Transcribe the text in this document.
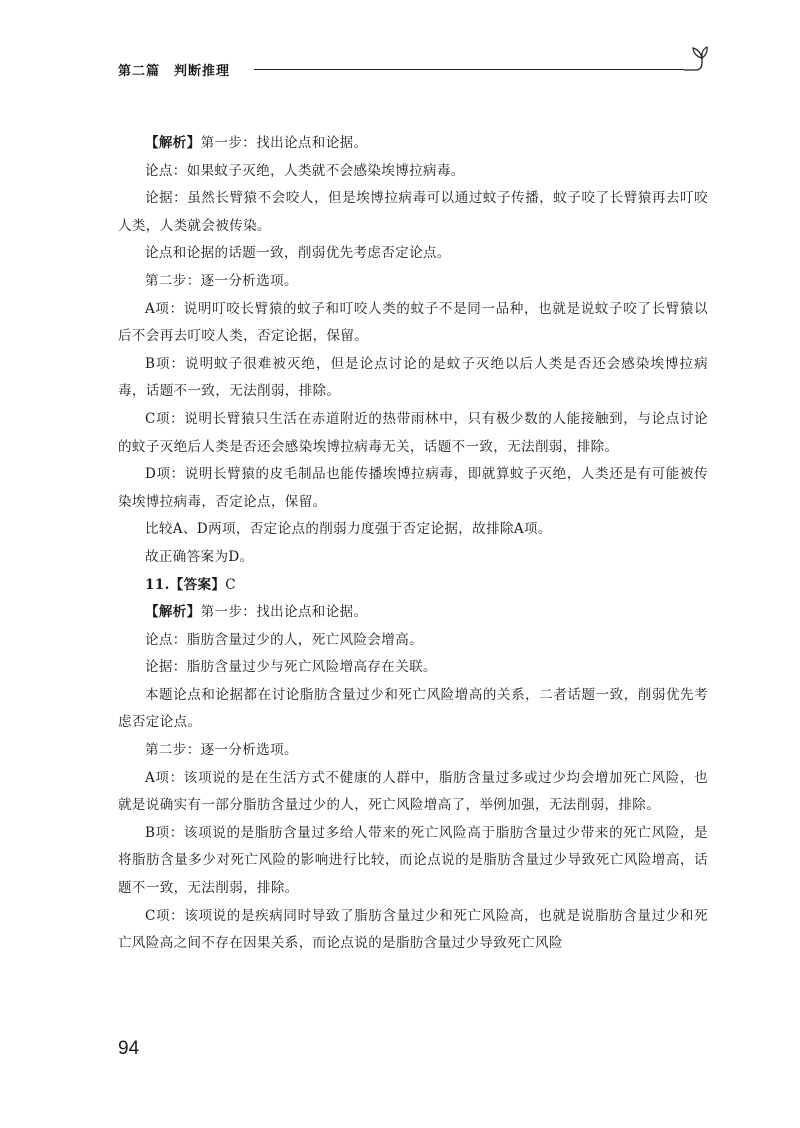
第二篇　判断推理

【解析】第一步：找出论点和论据。

论点：如果蚊子灭绝，人类就不会感染埃博拉病毒。

论据：虽然长臂猿不会咬人，但是埃博拉病毒可以通过蚊子传播，蚊子咬了长臂猿再去叮咬人类，人类就会被传染。

论点和论据的话题一致，削弱优先考虑否定论点。

第二步：逐一分析选项。

A项：说明叮咬长臂猿的蚊子和叮咬人类的蚊子不是同一品种，也就是说蚊子咬了长臂猿以后不会再去叮咬人类，否定论据，保留。

B项：说明蚊子很难被灭绝，但是论点讨论的是蚊子灭绝以后人类是否还会感染埃博拉病毒，话题不一致，无法削弱，排除。

C项：说明长臂猿只生活在赤道附近的热带雨林中，只有极少数的人能接触到，与论点讨论的蚊子灭绝后人类是否还会感染埃博拉病毒无关，话题不一致，无法削弱，排除。

D项：说明长臂猿的皮毛制品也能传播埃博拉病毒，即就算蚊子灭绝，人类还是有可能被传染埃博拉病毒，否定论点，保留。

比较A、D两项，否定论点的削弱力度强于否定论据，故排除A项。

故正确答案为D。

11.【答案】C

【解析】第一步：找出论点和论据。

论点：脂肪含量过少的人，死亡风险会增高。

论据：脂肪含量过少与死亡风险增高存在关联。

本题论点和论据都在讨论脂肪含量过少和死亡风险增高的关系，二者话题一致，削弱优先考虑否定论点。

第二步：逐一分析选项。

A项：该项说的是在生活方式不健康的人群中，脂肪含量过多或过少均会增加死亡风险，也就是说确实有一部分脂肪含量过少的人，死亡风险增高了，举例加强，无法削弱，排除。

B项：该项说的是脂肪含量过多给人带来的死亡风险高于脂肪含量过少带来的死亡风险，是将脂肪含量多少对死亡风险的影响进行比较，而论点说的是脂肪含量过少导致死亡风险增高，话题不一致，无法削弱，排除。

C项：该项说的是疾病同时导致了脂肪含量过少和死亡风险高，也就是说脂肪含量过少和死亡风险高之间不存在因果关系，而论点说的是脂肪含量过少导致死亡风险

94
